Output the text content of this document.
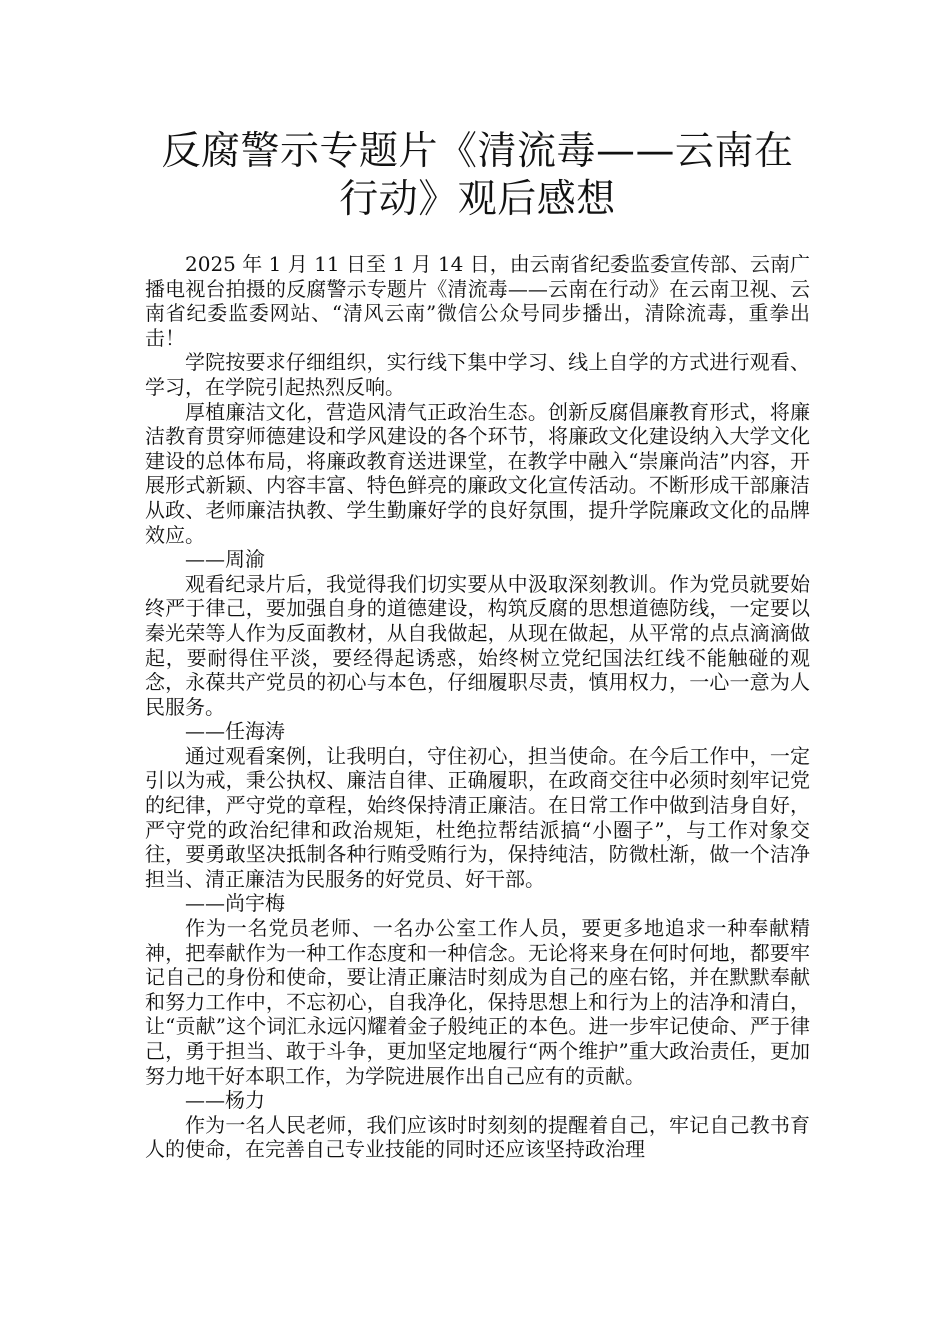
反腐警示专题片《清流毒——云南在行动》观后感想

2025 年 1 月 11 日至 1 月 14 日，由云南省纪委监委宣传部、云南广播电视台拍摄的反腐警示专题片《清流毒——云南在行动》在云南卫视、云南省纪委监委网站、“清风云南”微信公众号同步播出，清除流毒，重拳出击！

学院按要求仔细组织，实行线下集中学习、线上自学的方式进行观看、学习，在学院引起热烈反响。

厚植廉洁文化，营造风清气正政治生态。创新反腐倡廉教育形式，将廉洁教育贯穿师德建设和学风建设的各个环节，将廉政文化建设纳入大学文化建设的总体布局，将廉政教育送进课堂，在教学中融入“崇廉尚洁”内容，开展形式新颖、内容丰富、特色鲜亮的廉政文化宣传活动。不断形成干部廉洁从政、老师廉洁执教、学生勤廉好学的良好氛围，提升学院廉政文化的品牌效应。

——周渝

观看纪录片后，我觉得我们切实要从中汲取深刻教训。作为党员就要始终严于律己，要加强自身的道德建设，构筑反腐的思想道德防线，一定要以秦光荣等人作为反面教材，从自我做起，从现在做起，从平常的点点滴滴做起，要耐得住平淡，要经得起诱惑，始终树立党纪国法红线不能触碰的观念，永葆共产党员的初心与本色，仔细履职尽责，慎用权力，一心一意为人民服务。

——任海涛

通过观看案例，让我明白，守住初心，担当使命。在今后工作中，一定引以为戒，秉公执权、廉洁自律、正确履职，在政商交往中必须时刻牢记党的纪律，严守党的章程，始终保持清正廉洁。在日常工作中做到洁身自好，严守党的政治纪律和政治规矩，杜绝拉帮结派搞“小圈子”，与工作对象交往，要勇敢坚决抵制各种行贿受贿行为，保持纯洁，防微杜渐，做一个洁净担当、清正廉洁为民服务的好党员、好干部。

——尚宇梅

作为一名党员老师、一名办公室工作人员，要更多地追求一种奉献精神，把奉献作为一种工作态度和一种信念。无论将来身在何时何地，都要牢记自己的身份和使命，要让清正廉洁时刻成为自己的座右铭，并在默默奉献和努力工作中，不忘初心，自我净化，保持思想上和行为上的洁净和清白，让“贡献”这个词汇永远闪耀着金子般纯正的本色。进一步牢记使命、严于律己，勇于担当、敢于斗争，更加坚定地履行“两个维护”重大政治责任，更加努力地干好本职工作，为学院进展作出自己应有的贡献。

——杨力

作为一名人民老师，我们应该时时刻刻的提醒着自己，牢记自己教书育人的使命，在完善自己专业技能的同时还应该坚持政治理
